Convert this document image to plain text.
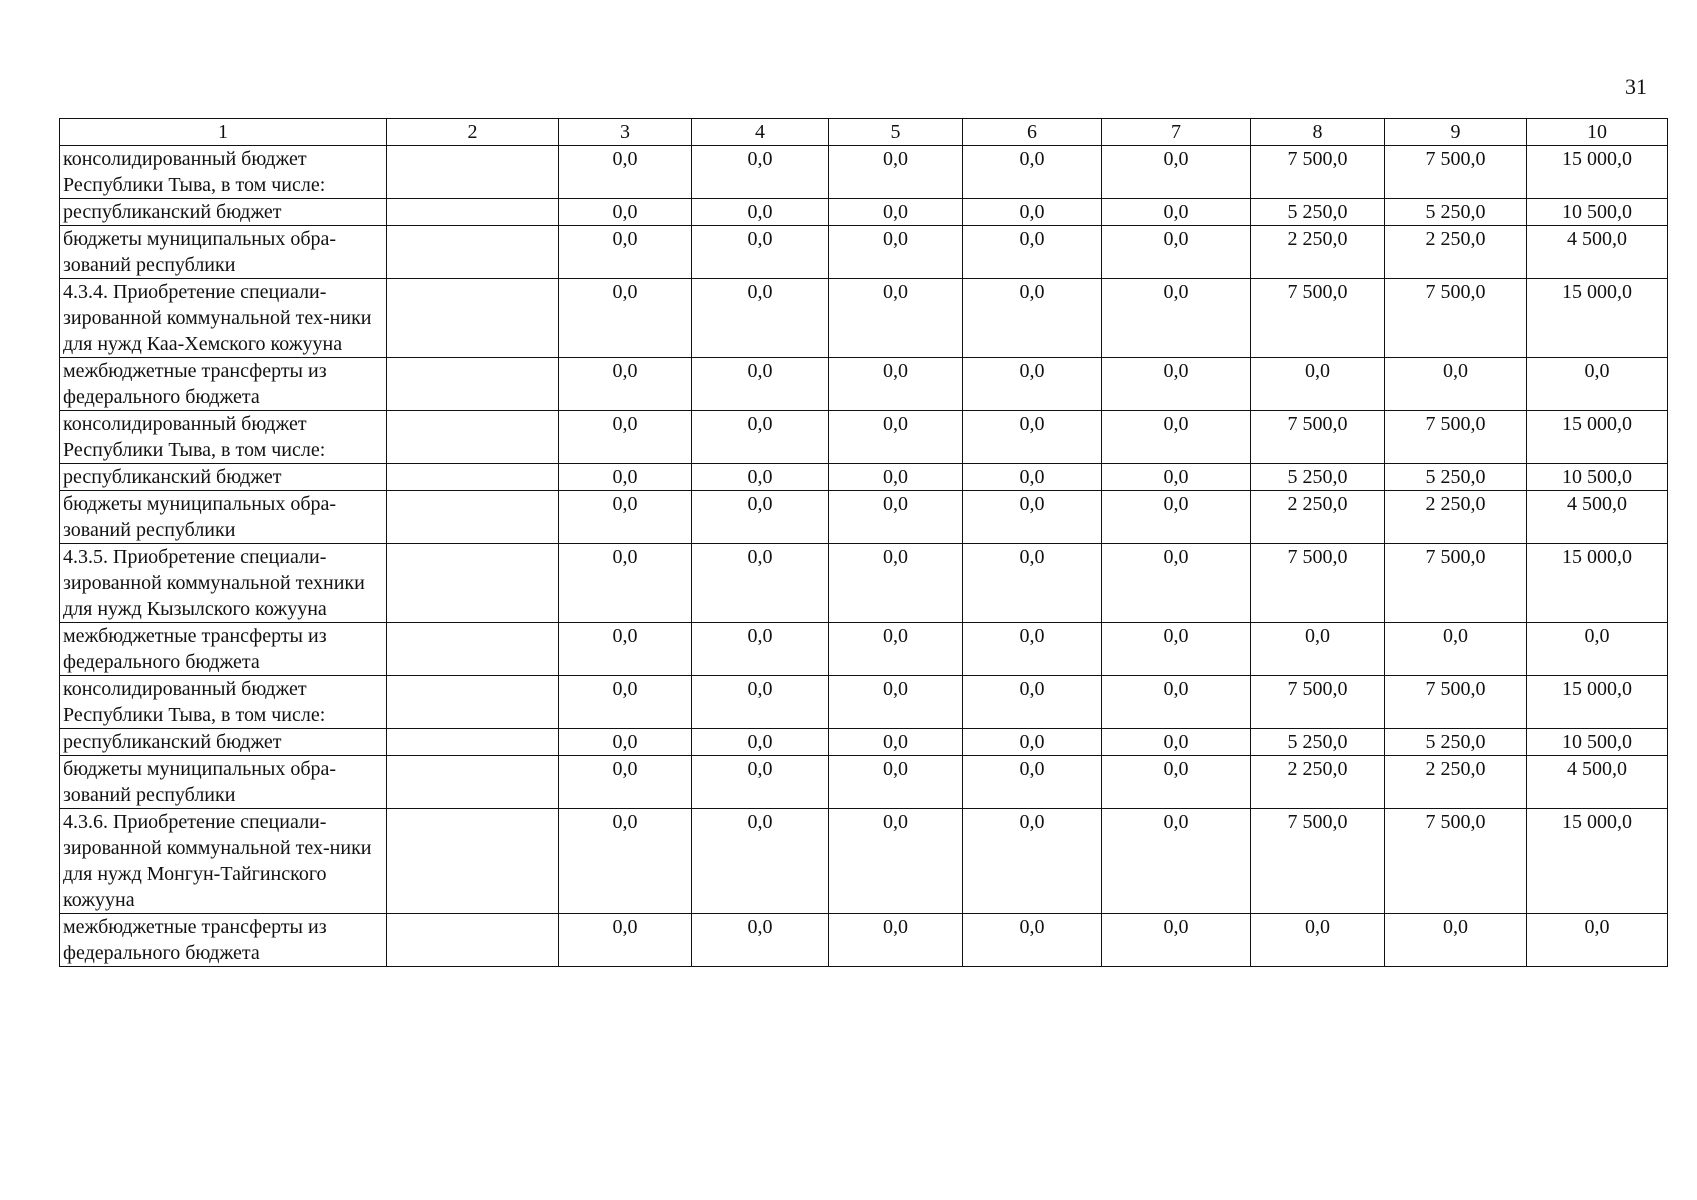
31
1	2	3	4	5	6	7	8	9	10
консолидированный бюджет Республики Тыва, в том числе:		0,0	0,0	0,0	0,0	0,0	7 500,0	7 500,0	15 000,0
республиканский бюджет		0,0	0,0	0,0	0,0	0,0	5 250,0	5 250,0	10 500,0
бюджеты муниципальных обра-зований республики		0,0	0,0	0,0	0,0	0,0	2 250,0	2 250,0	4 500,0
4.3.4. Приобретение специали-зированной коммунальной тех-ники для нужд Каа-Хемского кожууна		0,0	0,0	0,0	0,0	0,0	7 500,0	7 500,0	15 000,0
межбюджетные трансферты из федерального бюджета		0,0	0,0	0,0	0,0	0,0	0,0	0,0	0,0
консолидированный бюджет Республики Тыва, в том числе:		0,0	0,0	0,0	0,0	0,0	7 500,0	7 500,0	15 000,0
республиканский бюджет		0,0	0,0	0,0	0,0	0,0	5 250,0	5 250,0	10 500,0
бюджеты муниципальных обра-зований республики		0,0	0,0	0,0	0,0	0,0	2 250,0	2 250,0	4 500,0
4.3.5. Приобретение специали-зированной коммунальной техники для нужд Кызылского кожууна		0,0	0,0	0,0	0,0	0,0	7 500,0	7 500,0	15 000,0
межбюджетные трансферты из федерального бюджета		0,0	0,0	0,0	0,0	0,0	0,0	0,0	0,0
консолидированный бюджет Республики Тыва, в том числе:		0,0	0,0	0,0	0,0	0,0	7 500,0	7 500,0	15 000,0
республиканский бюджет		0,0	0,0	0,0	0,0	0,0	5 250,0	5 250,0	10 500,0
бюджеты муниципальных обра-зований республики		0,0	0,0	0,0	0,0	0,0	2 250,0	2 250,0	4 500,0
4.3.6. Приобретение специали-зированной коммунальной тех-ники для нужд Монгун-Тайгинского кожууна		0,0	0,0	0,0	0,0	0,0	7 500,0	7 500,0	15 000,0
межбюджетные трансферты из федерального бюджета		0,0	0,0	0,0	0,0	0,0	0,0	0,0	0,0
